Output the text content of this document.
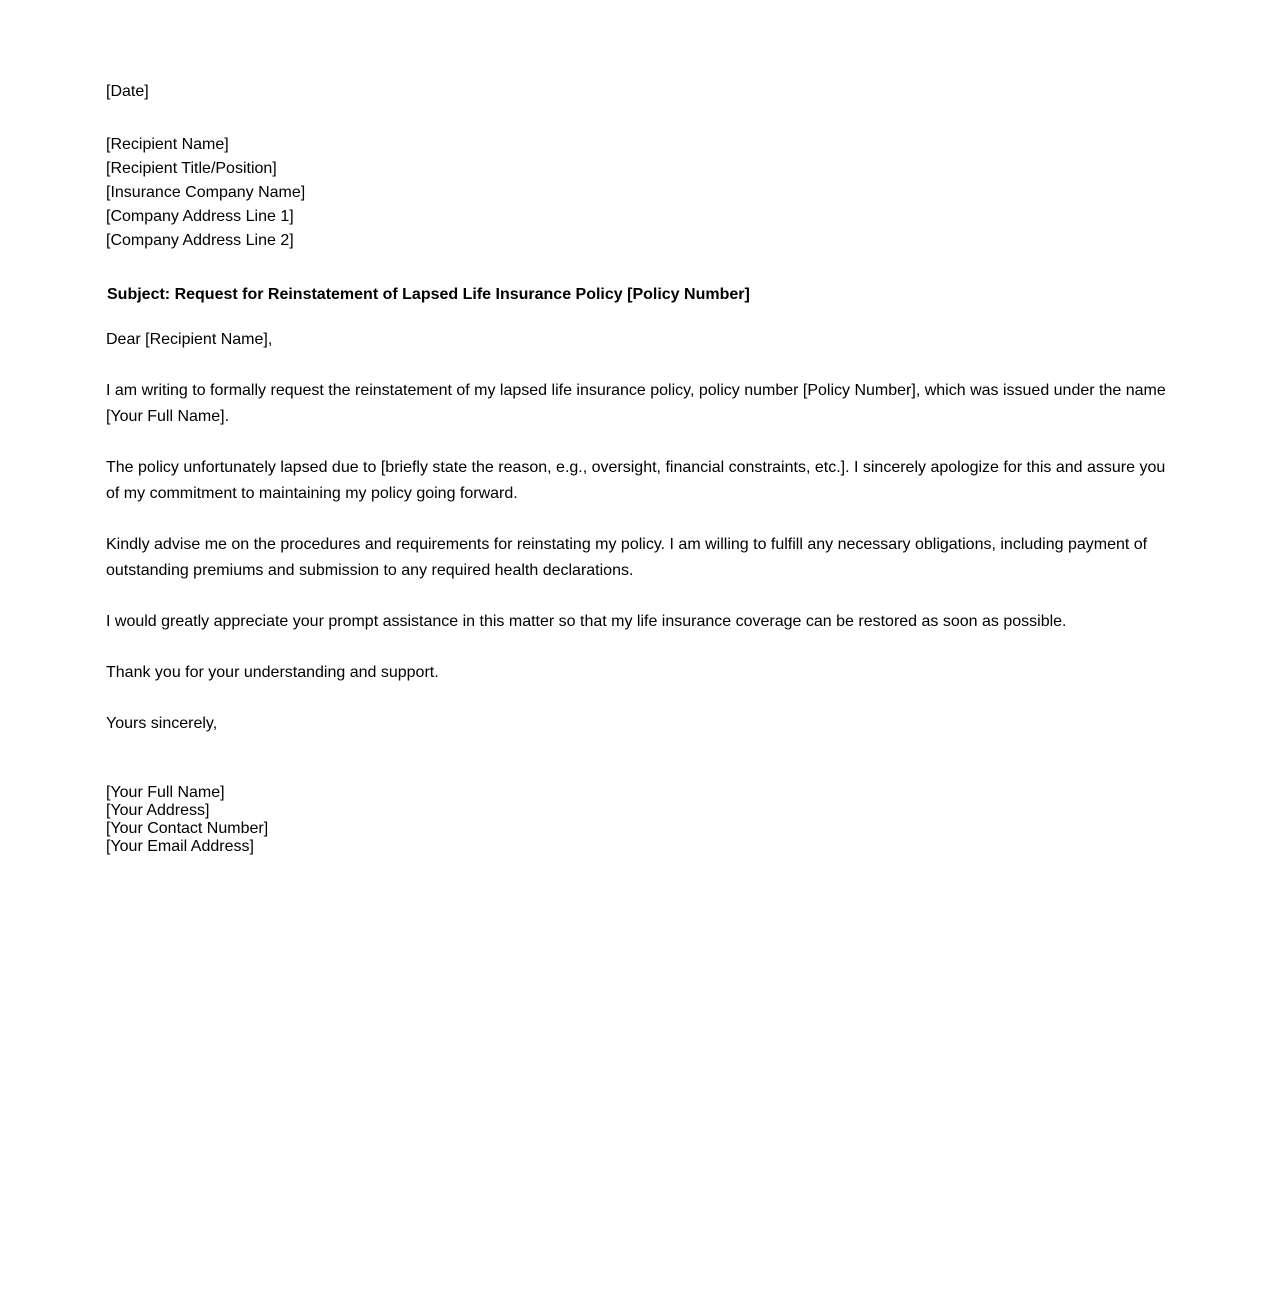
[Date]
[Recipient Name]
[Recipient Title/Position]
[Insurance Company Name]
[Company Address Line 1]
[Company Address Line 2]
Subject: Request for Reinstatement of Lapsed Life Insurance Policy [Policy Number]
Dear [Recipient Name],
I am writing to formally request the reinstatement of my lapsed life insurance policy, policy number [Policy Number], which was issued under the name [Your Full Name].
The policy unfortunately lapsed due to [briefly state the reason, e.g., oversight, financial constraints, etc.]. I sincerely apologize for this and assure you of my commitment to maintaining my policy going forward.
Kindly advise me on the procedures and requirements for reinstating my policy. I am willing to fulfill any necessary obligations, including payment of outstanding premiums and submission to any required health declarations.
I would greatly appreciate your prompt assistance in this matter so that my life insurance coverage can be restored as soon as possible.
Thank you for your understanding and support.
Yours sincerely,
[Your Full Name]
[Your Address]
[Your Contact Number]
[Your Email Address]
